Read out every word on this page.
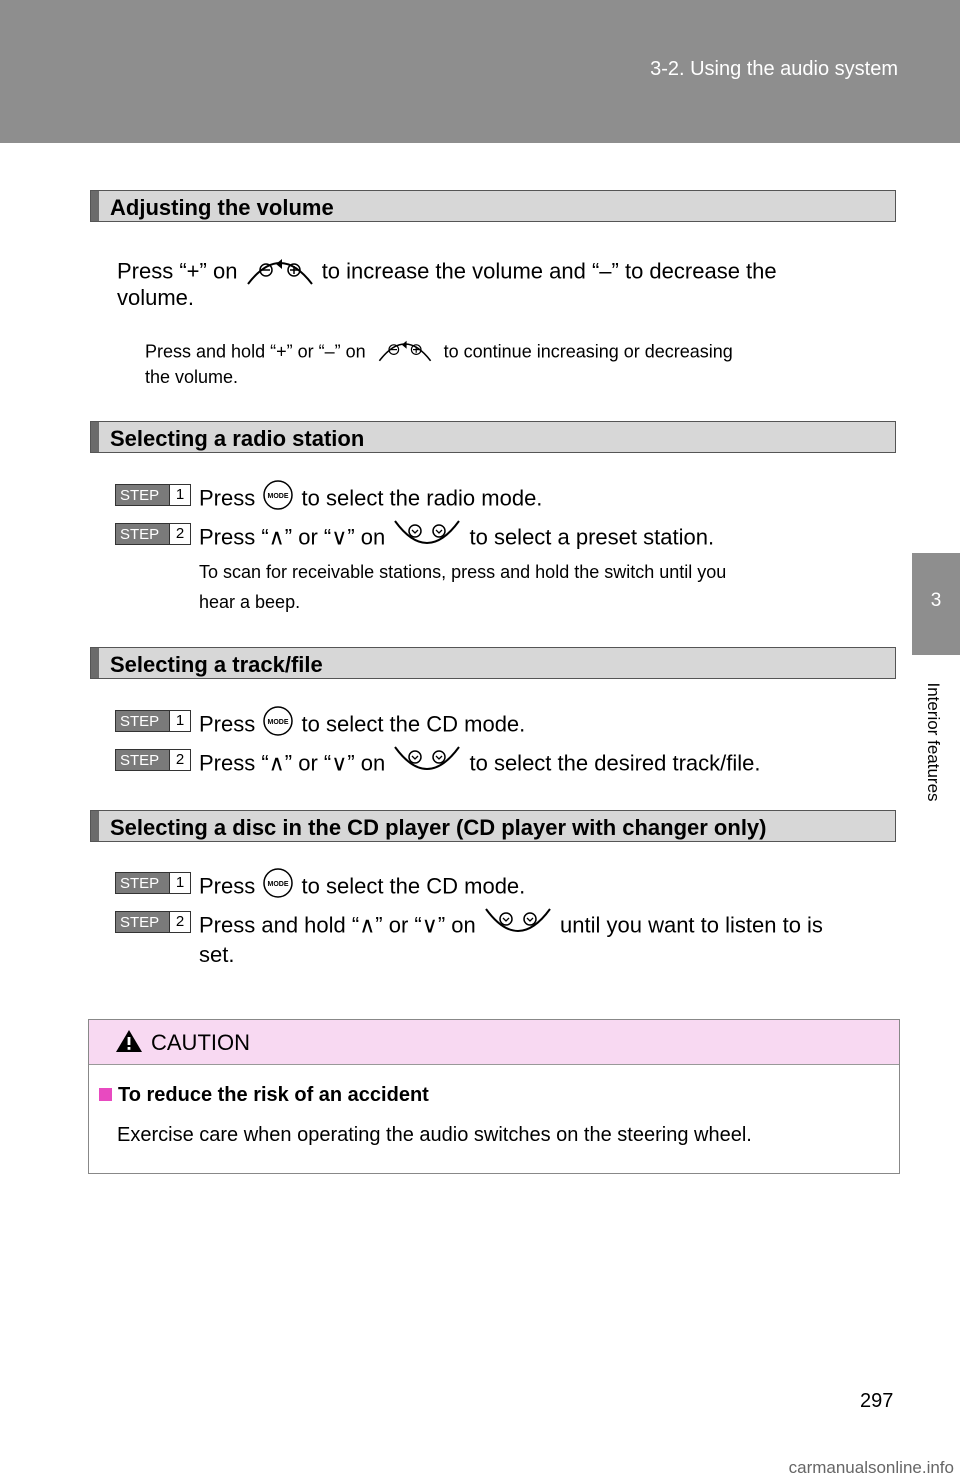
3-2. Using the audio system
3
Interior features
Adjusting the volume
Press “+” on	to increase the volume and “–” to decrease the
volume.
Press and hold “+” or “–” on	to continue increasing or decreasing
the volume.
Selecting a radio station
STEP	1 Press MODE to select the radio mode.
STEP	2 Press “∧” or “∨” on	to select a preset station.
To scan for receivable stations, press and hold the switch until you
hear a beep.
Selecting a track/file
STEP	1 Press MODE to select the CD mode.
STEP	2 Press “∧” or “∨” on	to select the desired track/file.
Selecting a disc in the CD player (CD player with changer only)
STEP	1 Press MODE to select the CD mode.
STEP	2 Press and hold “∧” or “∨” on	until you want to listen to is
set.
CAUTION
To reduce the risk of an accident
Exercise care when operating the audio switches on the steering wheel.
297
carmanualsonline.info
